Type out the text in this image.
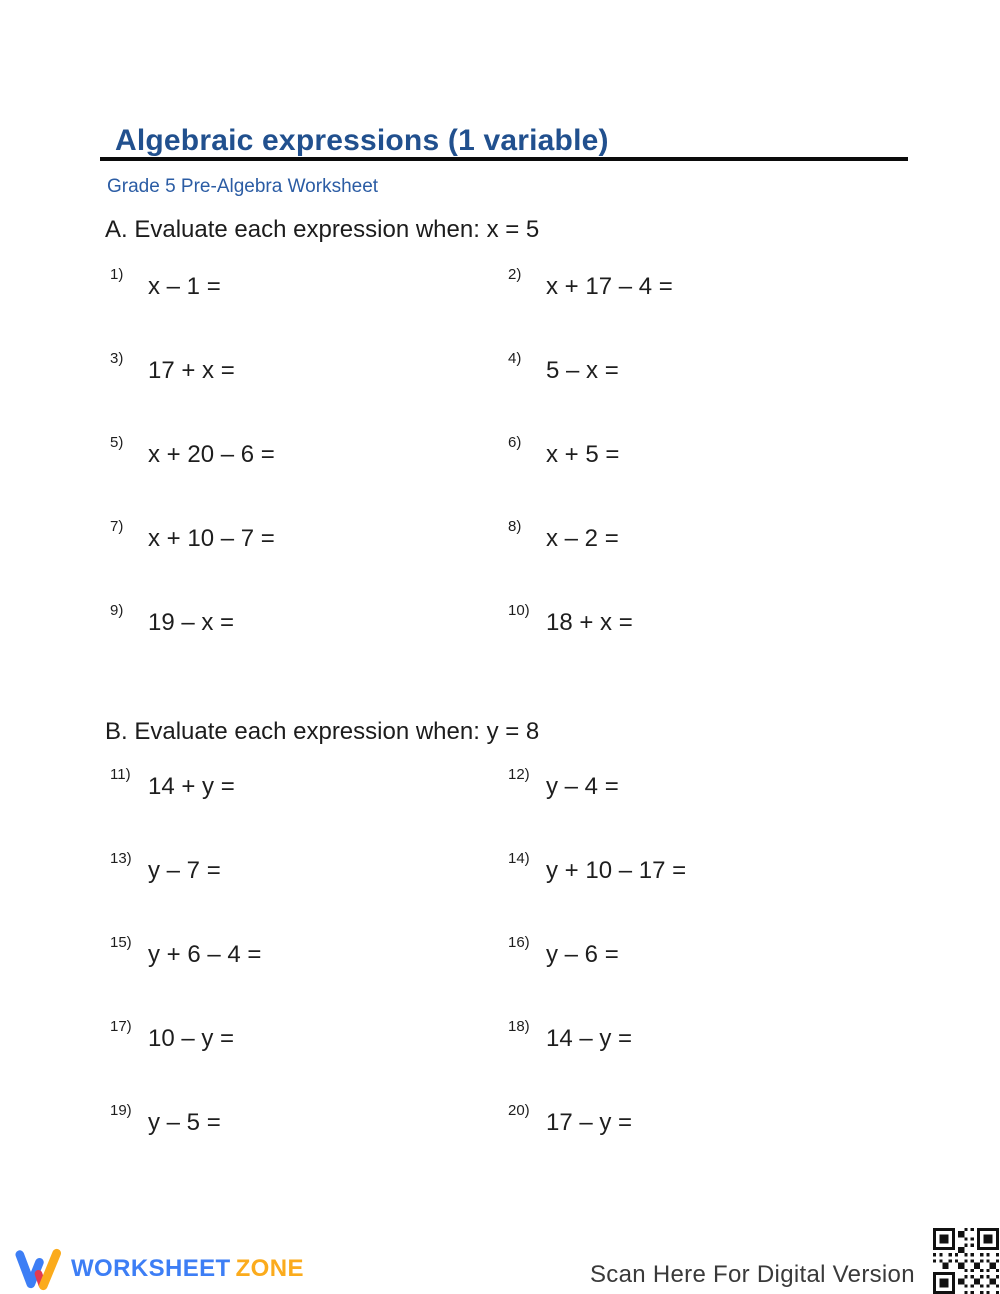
Algebraic expressions (1 variable)
Grade 5 Pre-Algebra Worksheet
A. Evaluate each expression when: x = 5
1)	x – 1 =	2)	x + 17 – 4 =
3)	17 + x =	4)	5 – x =
5)	x + 20 – 6 =	6)	x + 5 =
7)	x + 10 – 7 =	8)	x – 2 =
9)	19 – x =	10) 18 + x =
B. Evaluate each expression when: y = 8
11) 14 + y =	12) y – 4 =
13) y – 7 =	14) y + 10 – 17 =
15) y + 6 – 4 =	16) y – 6 =
17) 10 – y =	18) 14 – y =
19) y – 5 =	20) 17 – y =
WORKSHEET ZONE	Scan Here For Digital Version
